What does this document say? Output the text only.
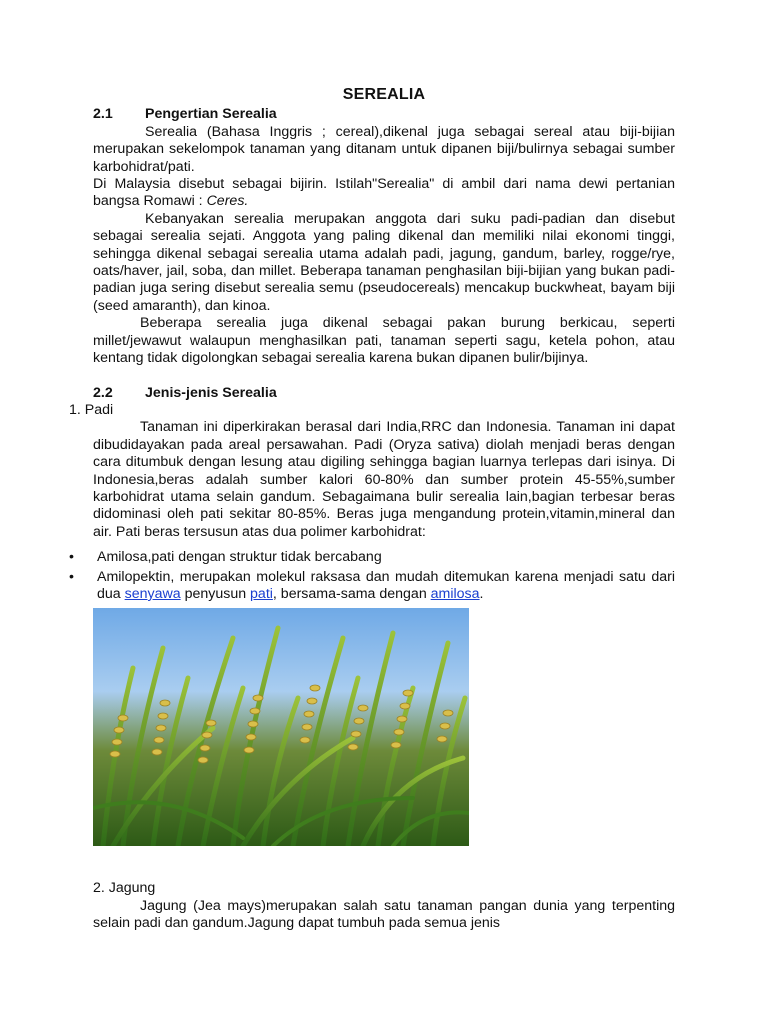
SEREALIA
2.1 Pengertian Serealia

Serealia (Bahasa Inggris ; cereal),dikenal juga sebagai sereal atau biji-bijian merupakan sekelompok tanaman yang ditanam untuk dipanen biji/bulirnya sebagai sumber karbohidrat/pati.

Di Malaysia disebut sebagai bijirin. Istilah"Serealia" di ambil dari nama dewi pertanian bangsa Romawi : Ceres.

Kebanyakan serealia merupakan anggota dari suku padi-padian dan disebut sebagai serealia sejati. Anggota yang paling dikenal dan memiliki nilai ekonomi tinggi, sehingga dikenal sebagai serealia utama adalah padi, jagung, gandum, barley, rogge/rye, oats/haver, jail, soba, dan millet. Beberapa tanaman penghasilan biji-bijian yang bukan padi-padian juga sering disebut serealia semu (pseudocereals) mencakup buckwheat, bayam biji (seed amaranth), dan kinoa.

Beberapa serealia juga dikenal sebagai pakan burung berkicau, seperti millet/jewawut walaupun menghasilkan pati, tanaman seperti sagu, ketela pohon, atau kentang tidak digolongkan sebagai serealia karena bukan dipanen bulir/bijinya.

2.2 Jenis-jenis Serealia
1. Padi

Tanaman ini diperkirakan berasal dari India,RRC dan Indonesia. Tanaman ini dapat dibudidayakan pada areal persawahan. Padi (Oryza sativa) diolah menjadi beras dengan cara ditumbuk dengan lesung atau digiling sehingga bagian luarnya terlepas dari isinya. Di Indonesia,beras adalah sumber kalori 60-80% dan sumber protein 45-55%,sumber karbohidrat utama selain gandum. Sebagaimana bulir serealia lain,bagian terbesar beras didominasi oleh pati sekitar 80-85%. Beras juga mengandung protein,vitamin,mineral dan air. Pati beras tersusun atas dua polimer karbohidrat:

• Amilosa,pati dengan struktur tidak bercabang
• Amilopektin, merupakan molekul raksasa dan mudah ditemukan karena menjadi satu dari dua senyawa penyusun pati, bersama-sama dengan amilosa.
2. Jagung

Jagung (Jea mays)merupakan salah satu tanaman pangan dunia yang terpenting selain padi dan gandum.Jagung dapat tumbuh pada semua jenis
